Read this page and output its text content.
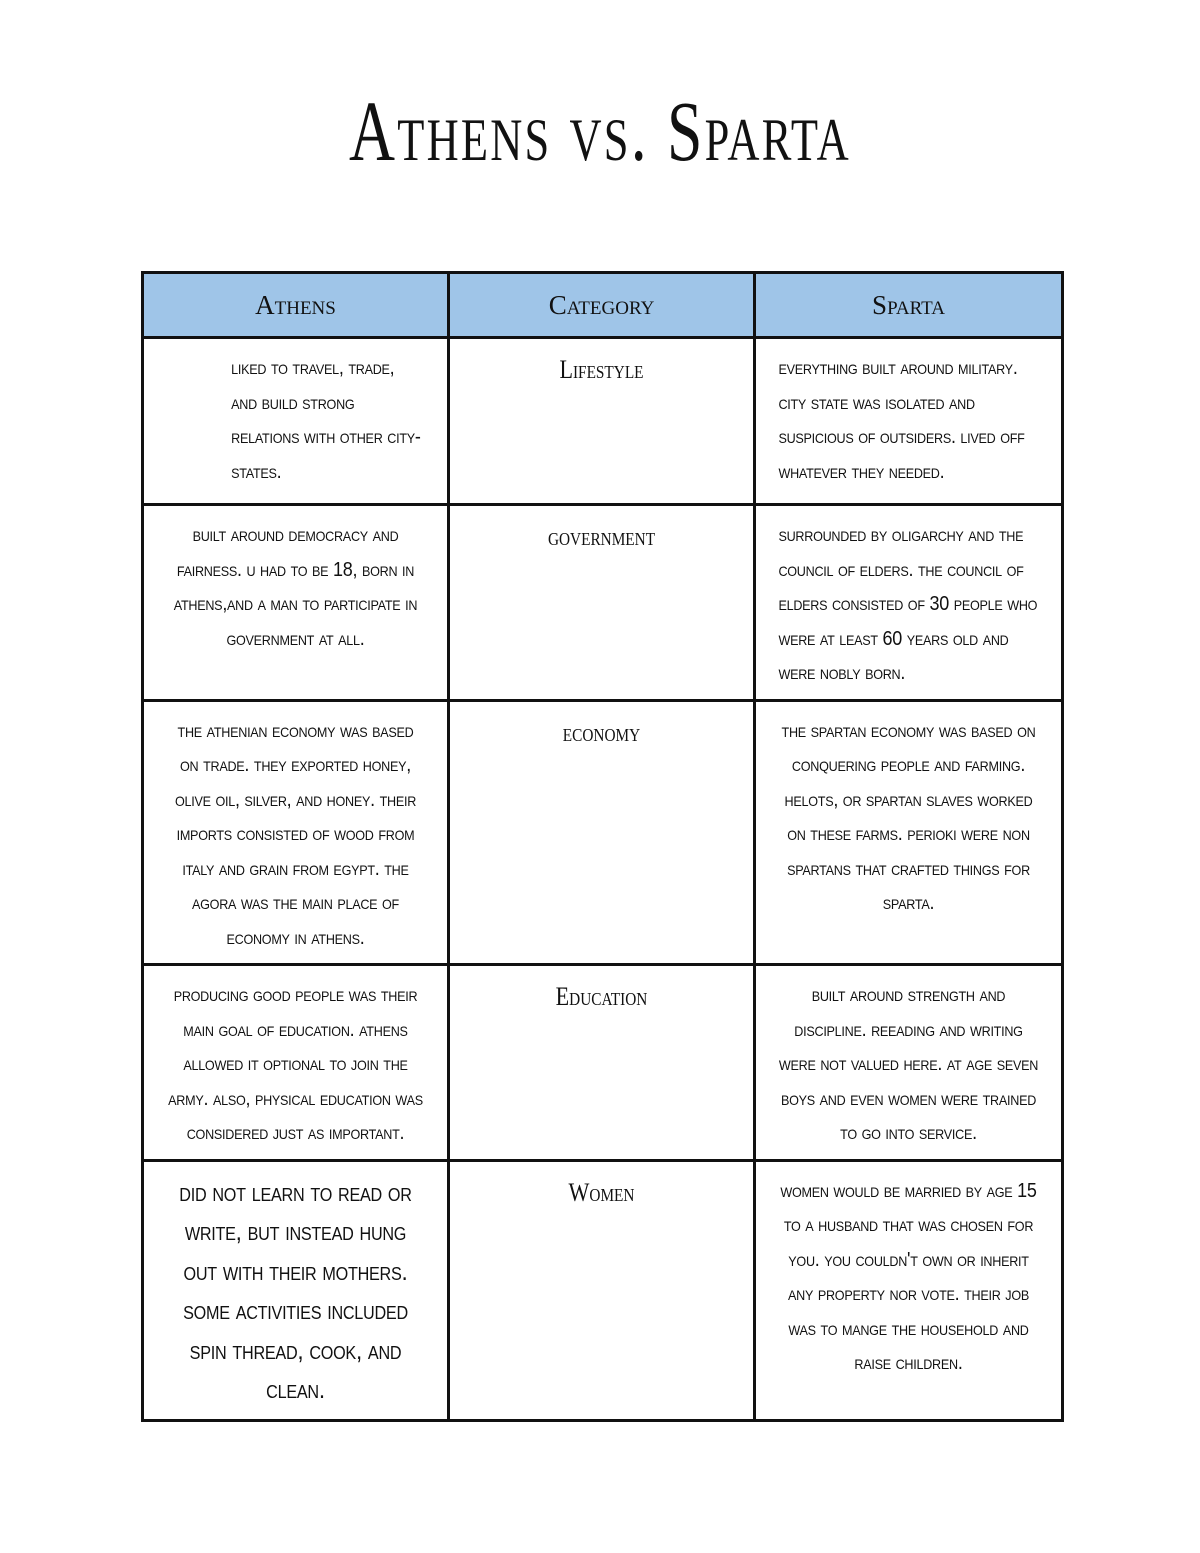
Athens vs. Sparta
Athens	Category	Sparta

liked to travel, trade, and build strong relations with other city-states.	Lifestyle	everything built around military. city state was isolated and suspicious of outsiders. lived off whatever they needed.

built around democracy and fairness. u had to be 18, born in athens,and a man to participate in government at all.	government	surrounded by oligarchy and the council of elders. the council of elders consisted of 30 people who were at least 60 years old and were nobly born.

the athenian economy was based on trade. they exported honey, olive oil, silver, and honey. their imports consisted of wood from italy and grain from egypt. the agora was the main place of economy in athens.	economy	the spartan economy was based on conquering people and farming. helots, or spartan slaves worked on these farms. perioki were non spartans that crafted things for sparta.

producing good people was their main goal of education. athens allowed it optional to join the army. also, physical education was considered just as important.	Education	built around strength and discipline. reeading and writing were not valued here. at age seven boys and even women were trained to go into service.

did not learn to read or write, but instead hung out with their mothers. some activities included spin thread, cook, and clean.	Women	women would be married by age 15 to a husband that was chosen for you. you couldn't own or inherit any property nor vote. their job was to mange the household and raise children.
